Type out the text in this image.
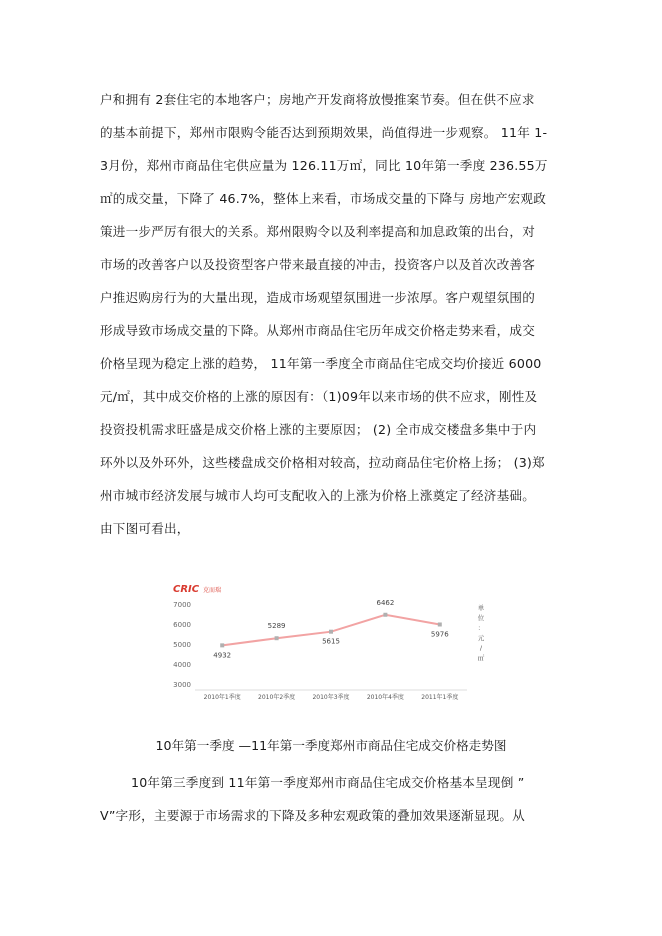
户和拥有 2套住宅的本地客户；房地产开发商将放慢推案节奏。但在供不应求
的基本前提下，郑州市限购令能否达到预期效果，尚值得进一步观察。 11年 1-
3月份，郑州市商品住宅供应量为 126.11万㎡，同比 10年第一季度 236.55万
㎡的成交量，下降了 46.7%，整体上来看，市场成交量的下降与 房地产宏观政
策进一步严厉有很大的关系。郑州限购令以及利率提高和加息政策的出台，对
市场的改善客户以及投资型客户带来最直接的冲击，投资客户以及首次改善客
户推迟购房行为的大量出现，造成市场观望氛围进一步浓厚。客户观望氛围的
形成导致市场成交量的下降。从郑州市商品住宅历年成交价格走势来看，成交
价格呈现为稳定上涨的趋势， 11年第一季度全市商品住宅成交均价接近 6000
元/㎡，其中成交价格的上涨的原因有：（1)09年以来市场的供不应求，刚性及
投资投机需求旺盛是成交价格上涨的主要原因； (2) 全市成交楼盘多集中于内
环外以及外环外，这些楼盘成交价格相对较高，拉动商品住宅价格上扬； (3)郑
州市城市经济发展与城市人均可支配收入的上涨为价格上涨奠定了经济基础。
由下图可看出，
CRIC 克而瑞
3000
4000
5000
6000
7000
2010年1季度	2010年2季度	2010年3季度	2010年4季度	2011年1季度
4932
5289
5615
6462
5976
单
位
：
元
/
㎡
10年第一季度 —11年第一季度郑州市商品住宅成交价格走势图
10年第三季度到 11年第一季度郑州市商品住宅成交价格基本呈现倒 ”
V”字形，主要源于市场需求的下降及多种宏观政策的叠加效果逐渐显现。从
